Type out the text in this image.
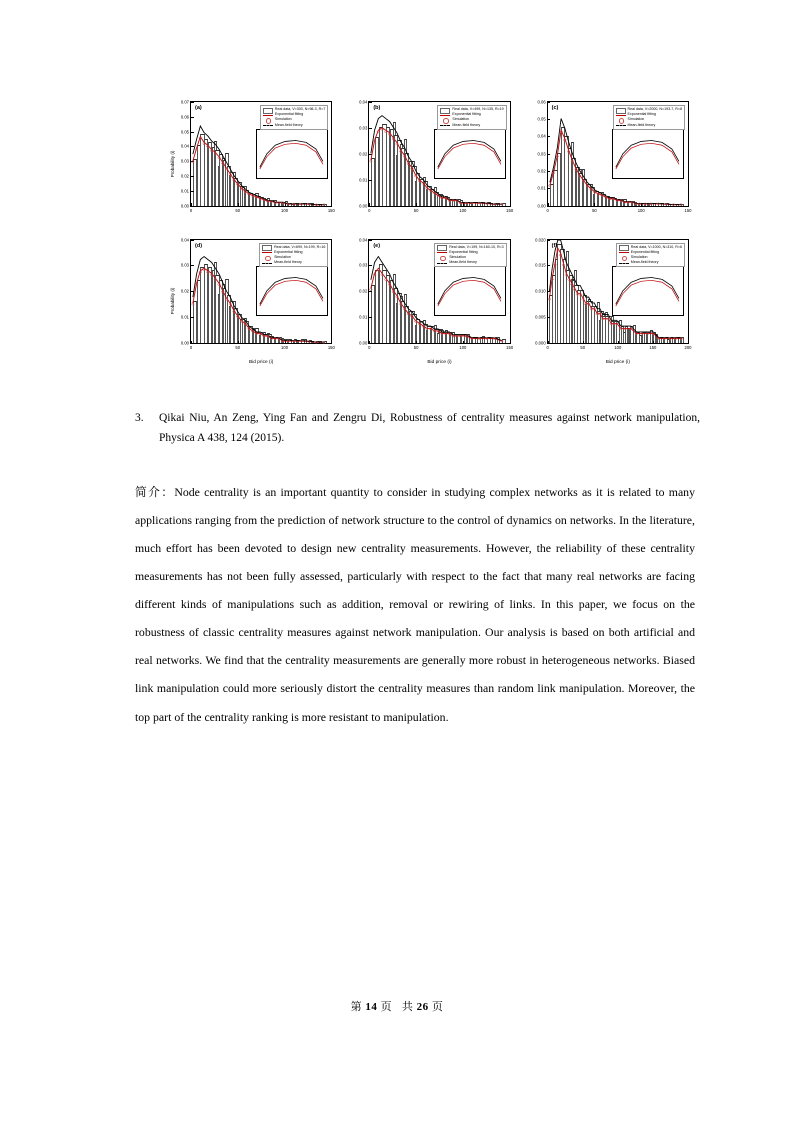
(a)	Real data, V=300, N=98-3, R=7
Exponential fitting
Simulation
Mean-field theory
0.00
0.01
0.02
0.03
0.04
0.05
0.06
0.07
0	50	100	150
Probability (i)
(b)	Real data, V=499, N=135, R=19
Exponential fitting
Simulation
Mean-field theory
0.00
0.01
0.02
0.03
0.04
0	50	100	150
(c)	Real data, V=2000, N=193-7, R=8
Exponential fitting
Simulation
Mean-field theory
0.00
0.01
0.02
0.03
0.04
0.05
0.06
0	50	100	150
(d)	Real data, V=699, N=199, R=16
Exponential fitting
Simulation
Mean-field theory
0.00
0.01
0.02
0.03
0.04
0	50	100	150
Probability (i)
Bid price (i)
(e)	Real data, V=199, N=160-10, R=3
Exponential fitting
Simulation
Mean-field theory
0.00
0.01
0.02
0.03
0.04
0	50	100	150
Bid price (i)
(f)	Real data, V=1000, N=310, R=6
Exponential fitting
Simulation
Mean-field theory
0.000
0.005
0.010
0.015
0.020
0	50	100	150	200
Bid price (i)
3.	Qikai Niu, An Zeng, Ying Fan and Zengru Di, Robustness of centrality measures against network manipulation, Physica A 438, 124 (2015).
简介：Node centrality is an important quantity to consider in studying complex networks as it is related to many applications ranging from the prediction of network structure to the control of dynamics on networks. In the literature, much effort has been devoted to design new centrality measurements. However, the reliability of these centrality measurements has not been fully assessed, particularly with respect to the fact that many real networks are facing different kinds of manipulations such as addition, removal or rewiring of links. In this paper, we focus on the robustness of classic centrality measures against network manipulation. Our analysis is based on both artificial and real networks. We find that the centrality measurements are generally more robust in heterogeneous networks. Biased link manipulation could more seriously distort the centrality measures than random link manipulation. Moreover, the top part of the centrality ranking is more resistant to manipulation.
第 14 页 共 26 页
